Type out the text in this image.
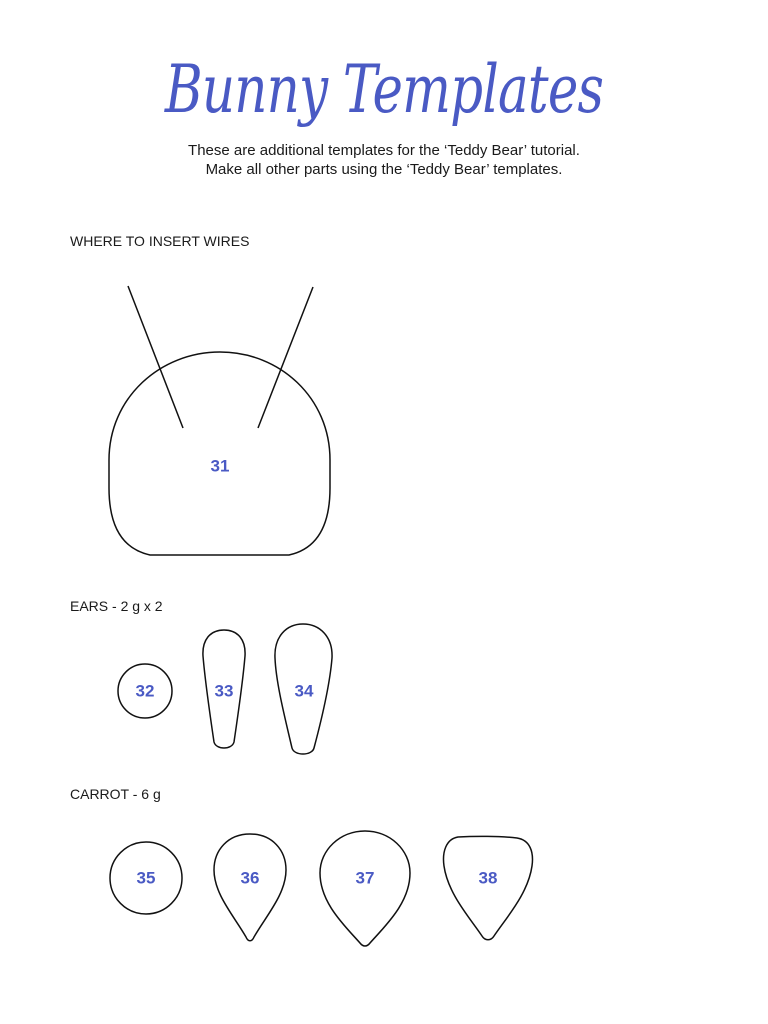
Bunny Templates
These are additional templates for the ‘Teddy Bear’ tutorial.
Make all other parts using the ‘Teddy Bear’ templates.
WHERE TO INSERT WIRES
EARS - 2 g x 2
CARROT - 6 g
31
32	33	34
35	36	37	38
